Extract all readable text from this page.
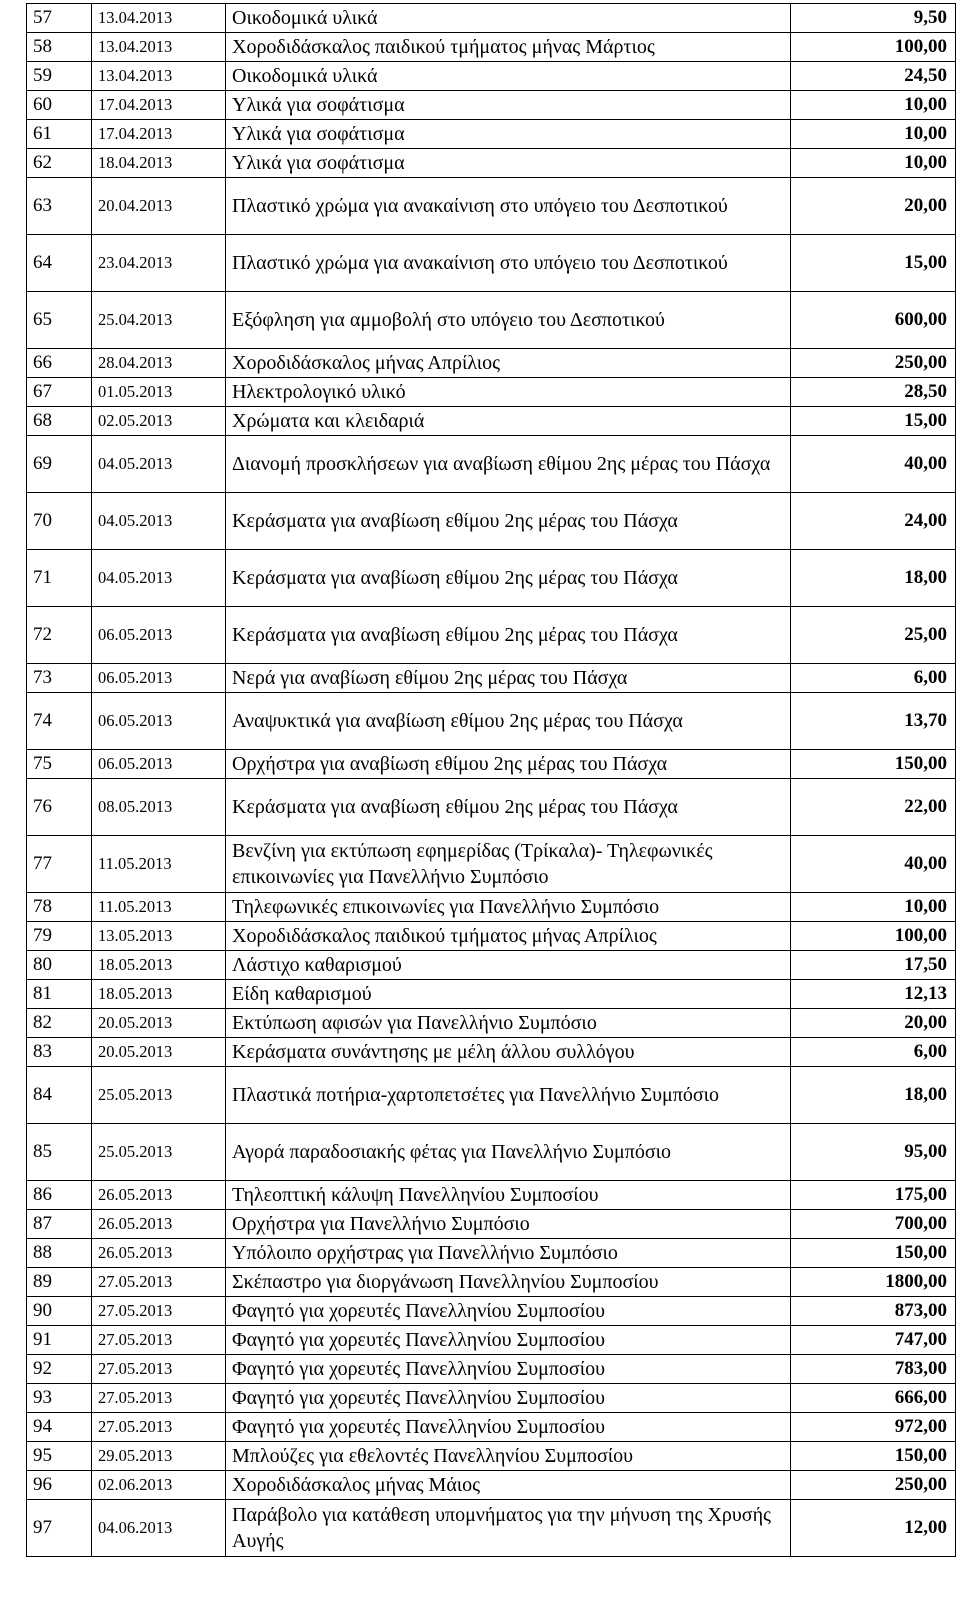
57	13.04.2013	Οικοδομικά υλικά	9,50
58	13.04.2013	Χοροδιδάσκαλος παιδικού τμήματος μήνας Μάρτιος	100,00
59	13.04.2013	Οικοδομικά υλικά	24,50
60	17.04.2013	Υλικά για σοφάτισμα	10,00
61	17.04.2013	Υλικά για σοφάτισμα	10,00
62	18.04.2013	Υλικά για σοφάτισμα	10,00
63	20.04.2013	Πλαστικό χρώμα για ανακαίνιση στο υπόγειο του Δεσποτικού	20,00
64	23.04.2013	Πλαστικό χρώμα για ανακαίνιση στο υπόγειο του Δεσποτικού	15,00
65	25.04.2013	Εξόφληση για αμμοβολή στο υπόγειο του Δεσποτικού	600,00
66	28.04.2013	Χοροδιδάσκαλος μήνας Απρίλιος	250,00
67	01.05.2013	Ηλεκτρολογικό υλικό	28,50
68	02.05.2013	Χρώματα και κλειδαριά	15,00
69	04.05.2013	Διανομή προσκλήσεων για αναβίωση εθίμου 2ης μέρας του Πάσχα	40,00
70	04.05.2013	Κεράσματα για αναβίωση εθίμου 2ης μέρας του Πάσχα	24,00
71	04.05.2013	Κεράσματα για αναβίωση εθίμου 2ης μέρας του Πάσχα	18,00
72	06.05.2013	Κεράσματα για αναβίωση εθίμου 2ης μέρας του Πάσχα	25,00
73	06.05.2013	Νερά για αναβίωση εθίμου 2ης μέρας του Πάσχα	6,00
74	06.05.2013	Αναψυκτικά για αναβίωση εθίμου 2ης μέρας του Πάσχα	13,70
75	06.05.2013	Ορχήστρα για αναβίωση εθίμου 2ης μέρας του Πάσχα	150,00
76	08.05.2013	Κεράσματα για αναβίωση εθίμου 2ης μέρας του Πάσχα	22,00
77	11.05.2013	Βενζίνη για εκτύπωση εφημερίδας (Τρίκαλα)- Τηλεφωνικές επικοινωνίες για Πανελλήνιο Συμπόσιο	40,00
78	11.05.2013	Τηλεφωνικές επικοινωνίες για Πανελλήνιο Συμπόσιο	10,00
79	13.05.2013	Χοροδιδάσκαλος παιδικού τμήματος μήνας Απρίλιος	100,00
80	18.05.2013	Λάστιχο καθαρισμού	17,50
81	18.05.2013	Είδη καθαρισμού	12,13
82	20.05.2013	Εκτύπωση αφισών για Πανελλήνιο Συμπόσιο	20,00
83	20.05.2013	Κεράσματα συνάντησης με μέλη άλλου συλλόγου	6,00
84	25.05.2013	Πλαστικά ποτήρια-χαρτοπετσέτες για Πανελλήνιο Συμπόσιο	18,00
85	25.05.2013	Αγορά παραδοσιακής φέτας για Πανελλήνιο Συμπόσιο	95,00
86	26.05.2013	Τηλεοπτική κάλυψη Πανελληνίου Συμποσίου	175,00
87	26.05.2013	Ορχήστρα για Πανελλήνιο Συμπόσιο	700,00
88	26.05.2013	Υπόλοιπο ορχήστρας για Πανελλήνιο Συμπόσιο	150,00
89	27.05.2013	Σκέπαστρο για διοργάνωση Πανελληνίου Συμποσίου	1800,00
90	27.05.2013	Φαγητό για χορευτές Πανελληνίου Συμποσίου	873,00
91	27.05.2013	Φαγητό για χορευτές Πανελληνίου Συμποσίου	747,00
92	27.05.2013	Φαγητό για χορευτές Πανελληνίου Συμποσίου	783,00
93	27.05.2013	Φαγητό για χορευτές Πανελληνίου Συμποσίου	666,00
94	27.05.2013	Φαγητό για χορευτές Πανελληνίου Συμποσίου	972,00
95	29.05.2013	Μπλούζες για εθελοντές Πανελληνίου Συμποσίου	150,00
96	02.06.2013	Χοροδιδάσκαλος μήνας Μάιος	250,00
97	04.06.2013	Παράβολο για κατάθεση υπομνήματος για την μήνυση της Χρυσής Αυγής	12,00
